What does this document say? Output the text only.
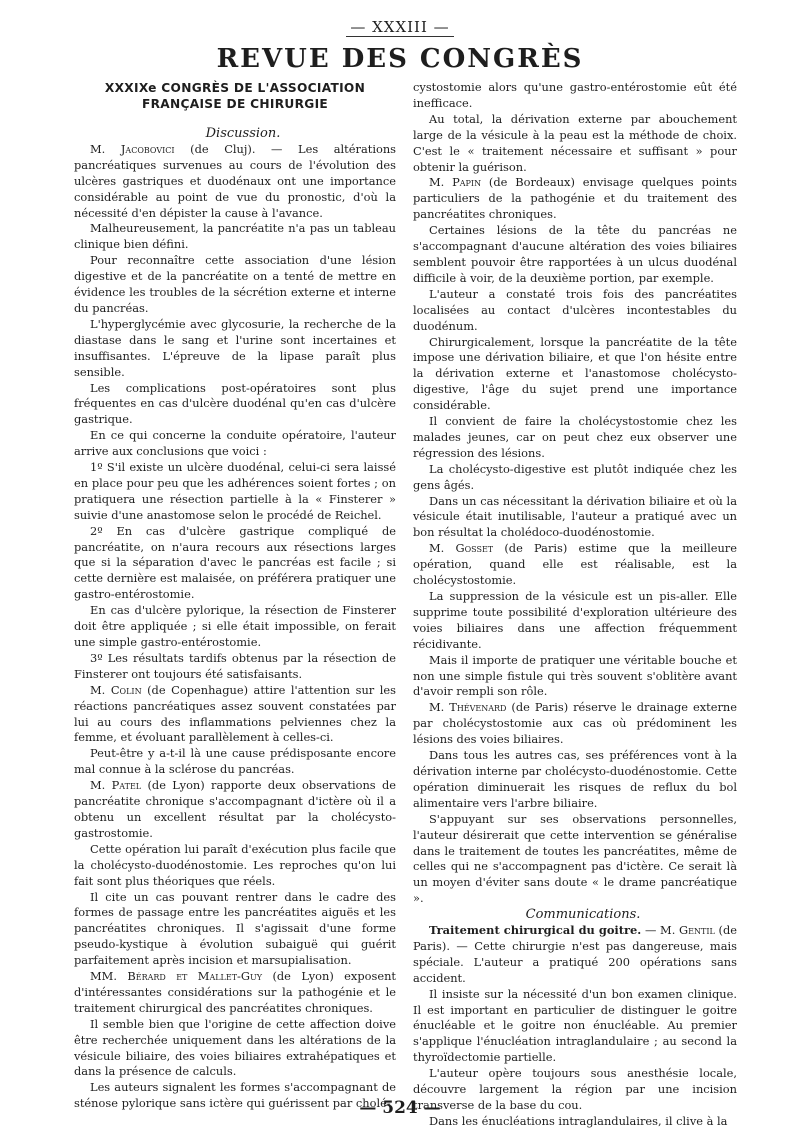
— XXXIII —
REVUE DES CONGRÈS
XXXIXe CONGRÈS DE L'ASSOCIATION
FRANÇAISE DE CHIRURGIE

Discussion.

M. Jacobovici (de Cluj). — Les altérations pancréatiques survenues au cours de l'évolution des ulcères gastriques et duodénaux ont une importance considérable au point de vue du pronostic, d'où la nécessité d'en dépister la cause à l'avance.

Malheureusement, la pancréatite n'a pas un tableau clinique bien défini.

Pour reconnaître cette association d'une lésion digestive et de la pancréatite on a tenté de mettre en évidence les troubles de la sécrétion externe et interne du pancréas.

L'hyperglycémie avec glycosurie, la recherche de la diastase dans le sang et l'urine sont incertaines et insuffisantes. L'épreuve de la lipase paraît plus sensible.

Les complications post-opératoires sont plus fréquentes en cas d'ulcère duodénal qu'en cas d'ulcère gastrique.

En ce qui concerne la conduite opératoire, l'auteur arrive aux conclusions que voici :

1º S'il existe un ulcère duodénal, celui-ci sera laissé en place pour peu que les adhérences soient fortes ; on pratiquera une résection partielle à la « Finsterer » suivie d'une anastomose selon le procédé de Reichel.

2º En cas d'ulcère gastrique compliqué de pancréatite, on n'aura recours aux résections larges que si la séparation d'avec le pancréas est facile ; si cette dernière est malaisée, on préférera pratiquer une gastro-entérostomie.

En cas d'ulcère pylorique, la résection de Finsterer doit être appliquée ; si elle était impossible, on ferait une simple gastro-entérostomie.

3º Les résultats tardifs obtenus par la résection de Finsterer ont toujours été satisfaisants.

M. Colin (de Copenhague) attire l'attention sur les réactions pancréatiques assez souvent constatées par lui au cours des inflammations pelviennes chez la femme, et évoluant parallèlement à celles-ci.

Peut-être y a-t-il là une cause prédisposante encore mal connue à la sclérose du pancréas.

M. Patel (de Lyon) rapporte deux observations de pancréatite chronique s'accompagnant d'ictère où il a obtenu un excellent résultat par la cholécysto-gastrostomie.

Cette opération lui paraît d'exécution plus facile que la cholécysto-duodénostomie. Les reproches qu'on lui fait sont plus théoriques que réels.

Il cite un cas pouvant rentrer dans le cadre des formes de passage entre les pancréatites aiguës et les pancréatites chroniques. Il s'agissait d'une forme pseudo-kystique à évolution subaiguë qui guérit parfaitement après incision et marsupialisation.

MM. Bérard et Mallet-Guy (de Lyon) exposent d'intéressantes considérations sur la pathogénie et le traitement chirurgical des pancréatites chroniques.

Il semble bien que l'origine de cette affection doive être recherchée uniquement dans les altérations de la vésicule biliaire, des voies biliaires extrahépatiques et dans la présence de calculs.

Les auteurs signalent les formes s'accompagnant de sténose pylorique sans ictère qui guérissent par cholé-

cystostomie alors qu'une gastro-entérostomie eût été inefficace.

Au total, la dérivation externe par abouchement large de la vésicule à la peau est la méthode de choix. C'est le « traitement nécessaire et suffisant » pour obtenir la guérison.

M. Papin (de Bordeaux) envisage quelques points particuliers de la pathogénie et du traitement des pancréatites chroniques.

Certaines lésions de la tête du pancréas ne s'accompagnant d'aucune altération des voies biliaires semblent pouvoir être rapportées à un ulcus duodénal difficile à voir, de la deuxième portion, par exemple.

L'auteur a constaté trois fois des pancréatites localisées au contact d'ulcères incontestables du duodénum.

Chirurgicalement, lorsque la pancréatite de la tête impose une dérivation biliaire, et que l'on hésite entre la dérivation externe et l'anastomose cholécysto-digestive, l'âge du sujet prend une importance considérable.

Il convient de faire la cholécystostomie chez les malades jeunes, car on peut chez eux observer une régression des lésions.

La cholécysto-digestive est plutôt indiquée chez les gens âgés.

Dans un cas nécessitant la dérivation biliaire et où la vésicule était inutilisable, l'auteur a pratiqué avec un bon résultat la cholédoco-duodénostomie.

M. Gosset (de Paris) estime que la meilleure opération, quand elle est réalisable, est la cholécystostomie.

La suppression de la vésicule est un pis-aller. Elle supprime toute possibilité d'exploration ultérieure des voies biliaires dans une affection fréquemment récidivante.

Mais il importe de pratiquer une véritable bouche et non une simple fistule qui très souvent s'oblitère avant d'avoir rempli son rôle.

M. Thévenard (de Paris) réserve le drainage externe par cholécystostomie aux cas où prédominent les lésions des voies biliaires.

Dans tous les autres cas, ses préférences vont à la dérivation interne par cholécysto-duodénostomie. Cette opération diminuerait les risques de reflux du bol alimentaire vers l'arbre biliaire.

S'appuyant sur ses observations personnelles, l'auteur désirerait que cette intervention se généralise dans le traitement de toutes les pancréatites, même de celles qui ne s'accompagnent pas d'ictère. Ce serait là un moyen d'éviter sans doute « le drame pancréatique ».

Communications.

Traitement chirurgical du goitre. — M. Gentil (de Paris). — Cette chirurgie n'est pas dangereuse, mais spéciale. L'auteur a pratiqué 200 opérations sans accident.

Il insiste sur la nécessité d'un bon examen clinique. Il est important en particulier de distinguer le goitre énucléable et le goitre non énucléable. Au premier s'applique l'énucléation intraglandulaire ; au second la thyroïdectomie partielle.

L'auteur opère toujours sous anesthésie locale, découvre largement la région par une incision transverse de la base du cou.

Dans les énucléations intraglandulaires, il clive à la

— 524 —
